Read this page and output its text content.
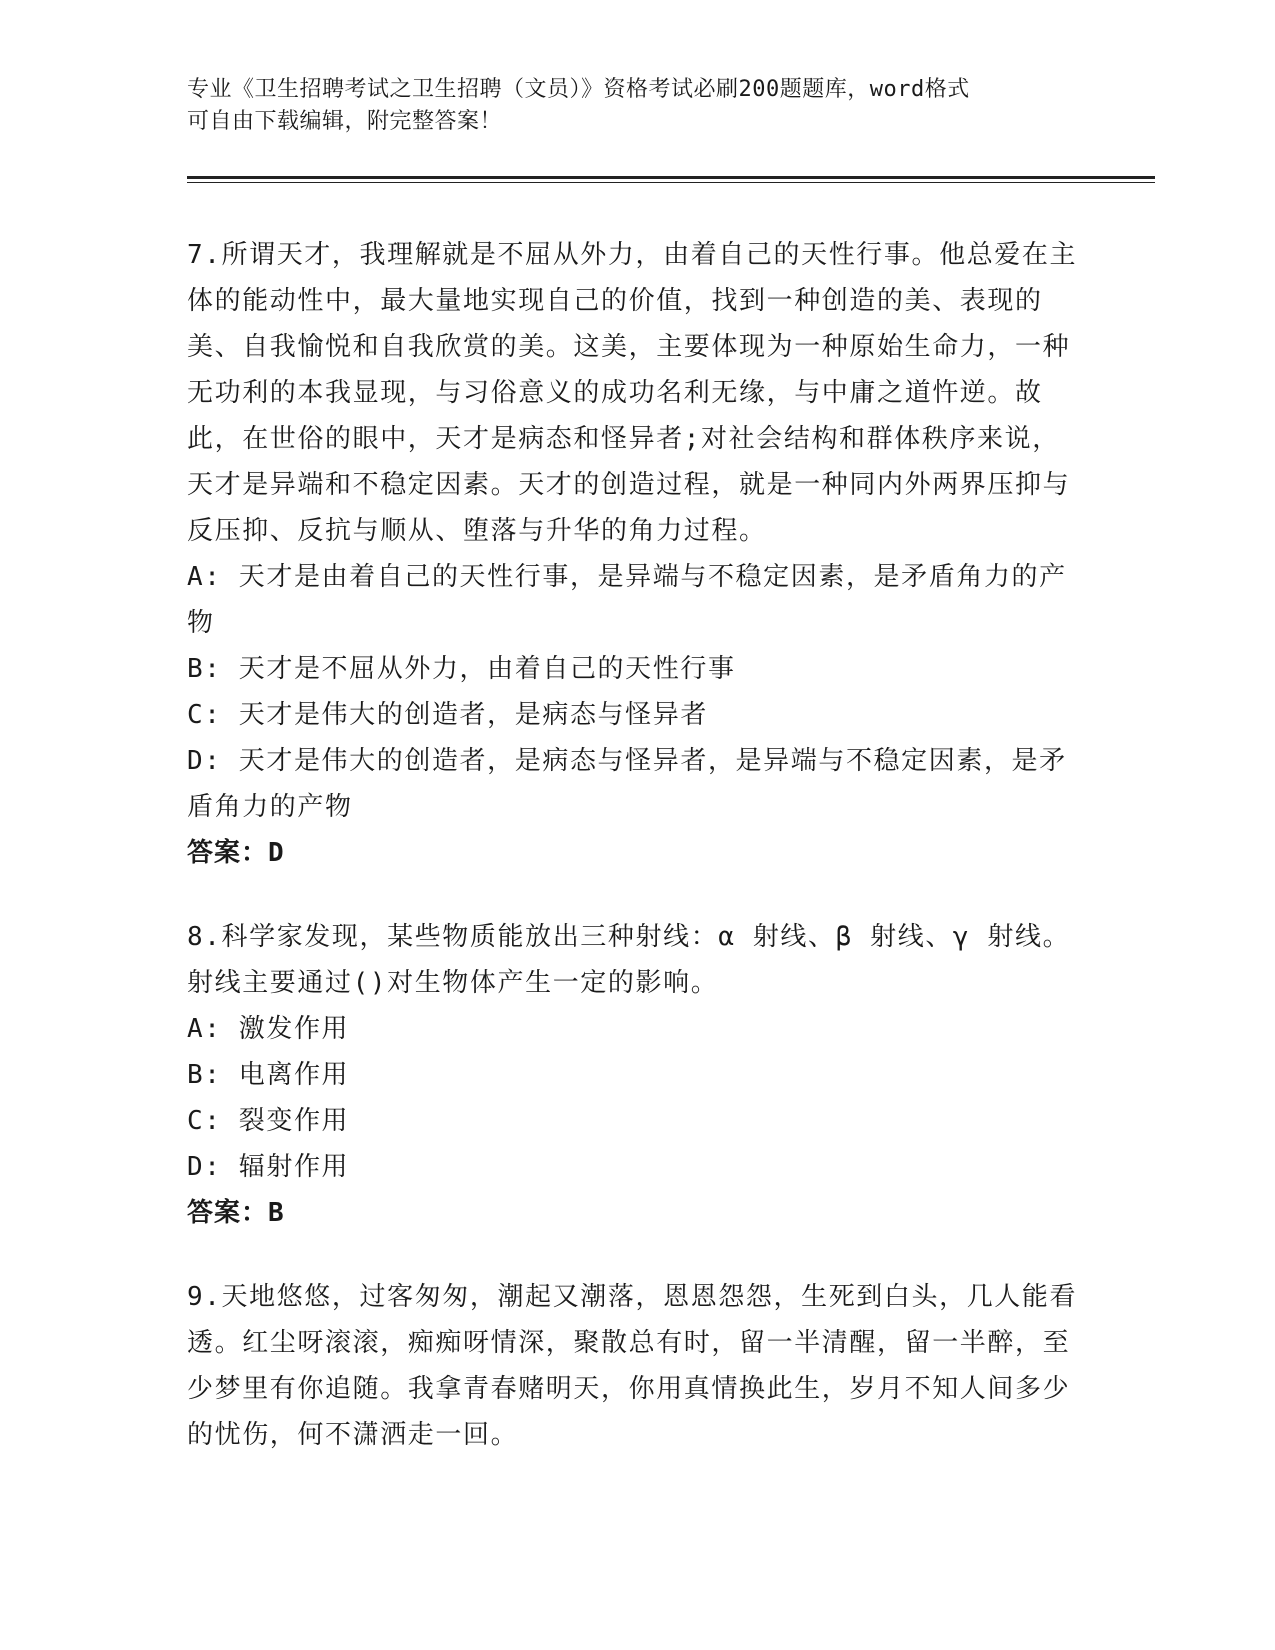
专业《卫生招聘考试之卫生招聘（文员）》资格考试必刷200题题库，word格式
可自由下载编辑，附完整答案！

7.所谓天才，我理解就是不屈从外力，由着自己的天性行事。他总爱在主体的能动性中，最大量地实现自己的价值，找到一种创造的美、表现的美、自我愉悦和自我欣赏的美。这美，主要体现为一种原始生命力，一种无功利的本我显现，与习俗意义的成功名利无缘，与中庸之道忤逆。故此，在世俗的眼中，天才是病态和怪异者;对社会结构和群体秩序来说，天才是异端和不稳定因素。天才的创造过程，就是一种同内外两界压抑与反压抑、反抗与顺从、堕落与升华的角力过程。

A: 天才是由着自己的天性行事，是异端与不稳定因素，是矛盾角力的产物

B: 天才是不屈从外力，由着自己的天性行事

C: 天才是伟大的创造者，是病态与怪异者

D: 天才是伟大的创造者，是病态与怪异者，是异端与不稳定因素，是矛盾角力的产物

答案：D

8.科学家发现，某些物质能放出三种射线：α 射线、β 射线、γ 射线。射线主要通过()对生物体产生一定的影响。

A: 激发作用

B: 电离作用

C: 裂变作用

D: 辐射作用

答案：B

9.天地悠悠，过客匆匆，潮起又潮落，恩恩怨怨，生死到白头，几人能看透。红尘呀滚滚，痴痴呀情深，聚散总有时，留一半清醒，留一半醉，至少梦里有你追随。我拿青春赌明天，你用真情换此生，岁月不知人间多少的忧伤，何不潇洒走一回。
